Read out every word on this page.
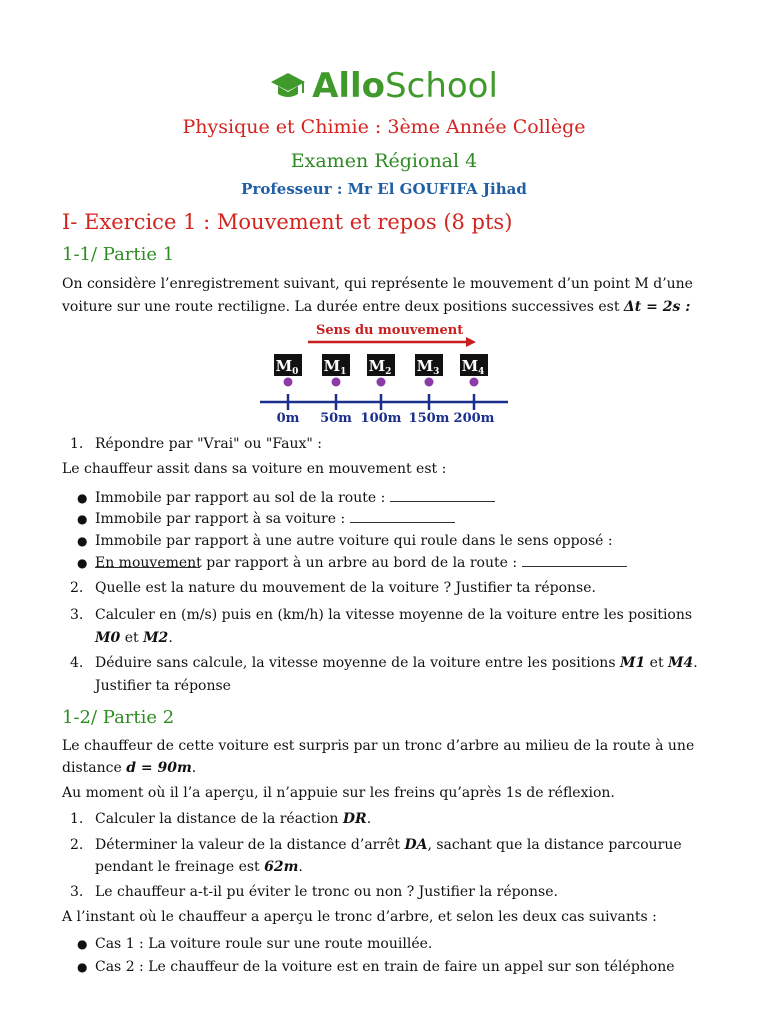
AlloSchool
Physique et Chimie : 3ème Année Collège
Examen Régional 4
Professeur : Mr El GOUFIFA Jihad
I- Exercice 1 : Mouvement et repos (8 pts)
1-1/ Partie 1

On considère l’enregistrement suivant, qui représente le mouvement d’un point M d’une

voiture sur une route rectiligne. La durée entre deux positions successives est Δt = 2s :

Sens du mouvement
$M_0$
0m
$M_1$
50m
$M_2$
100m
$M_3$
150m
$M_4$
200m
1. Répondre par "Vrai" ou "Faux" :

Le chauffeur assit dans sa voiture en mouvement est :

● Immobile par rapport au sol de la route :
● Immobile par rapport à sa voiture :
● Immobile par rapport à une autre voiture qui roule dans le sens opposé :
● En mouvement par rapport à un arbre au bord de la route :
2. Quelle est la nature du mouvement de la voiture ? Justifier ta réponse.
3. Calculer en (m/s) puis en (km/h) la vitesse moyenne de la voiture entre les positions
M0 et M2.
4. Déduire sans calcule, la vitesse moyenne de la voiture entre les positions M1 et M4.
Justifier ta réponse
1-2/ Partie 2

Le chauffeur de cette voiture est surpris par un tronc d’arbre au milieu de la route à une

distance d = 90m.

Au moment où il l’a aperçu, il n’appuie sur les freins qu’après 1s de réflexion.

1. Calculer la distance de la réaction DR.
2. Déterminer la valeur de la distance d’arrêt DA, sachant que la distance parcourue
pendant le freinage est 62m.
3. Le chauffeur a-t-il pu éviter le tronc ou non ? Justifier la réponse.

A l’instant où le chauffeur a aperçu le tronc d’arbre, et selon les deux cas suivants :

● Cas 1 : La voiture roule sur une route mouillée.
● Cas 2 : Le chauffeur de la voiture est en train de faire un appel sur son téléphone
